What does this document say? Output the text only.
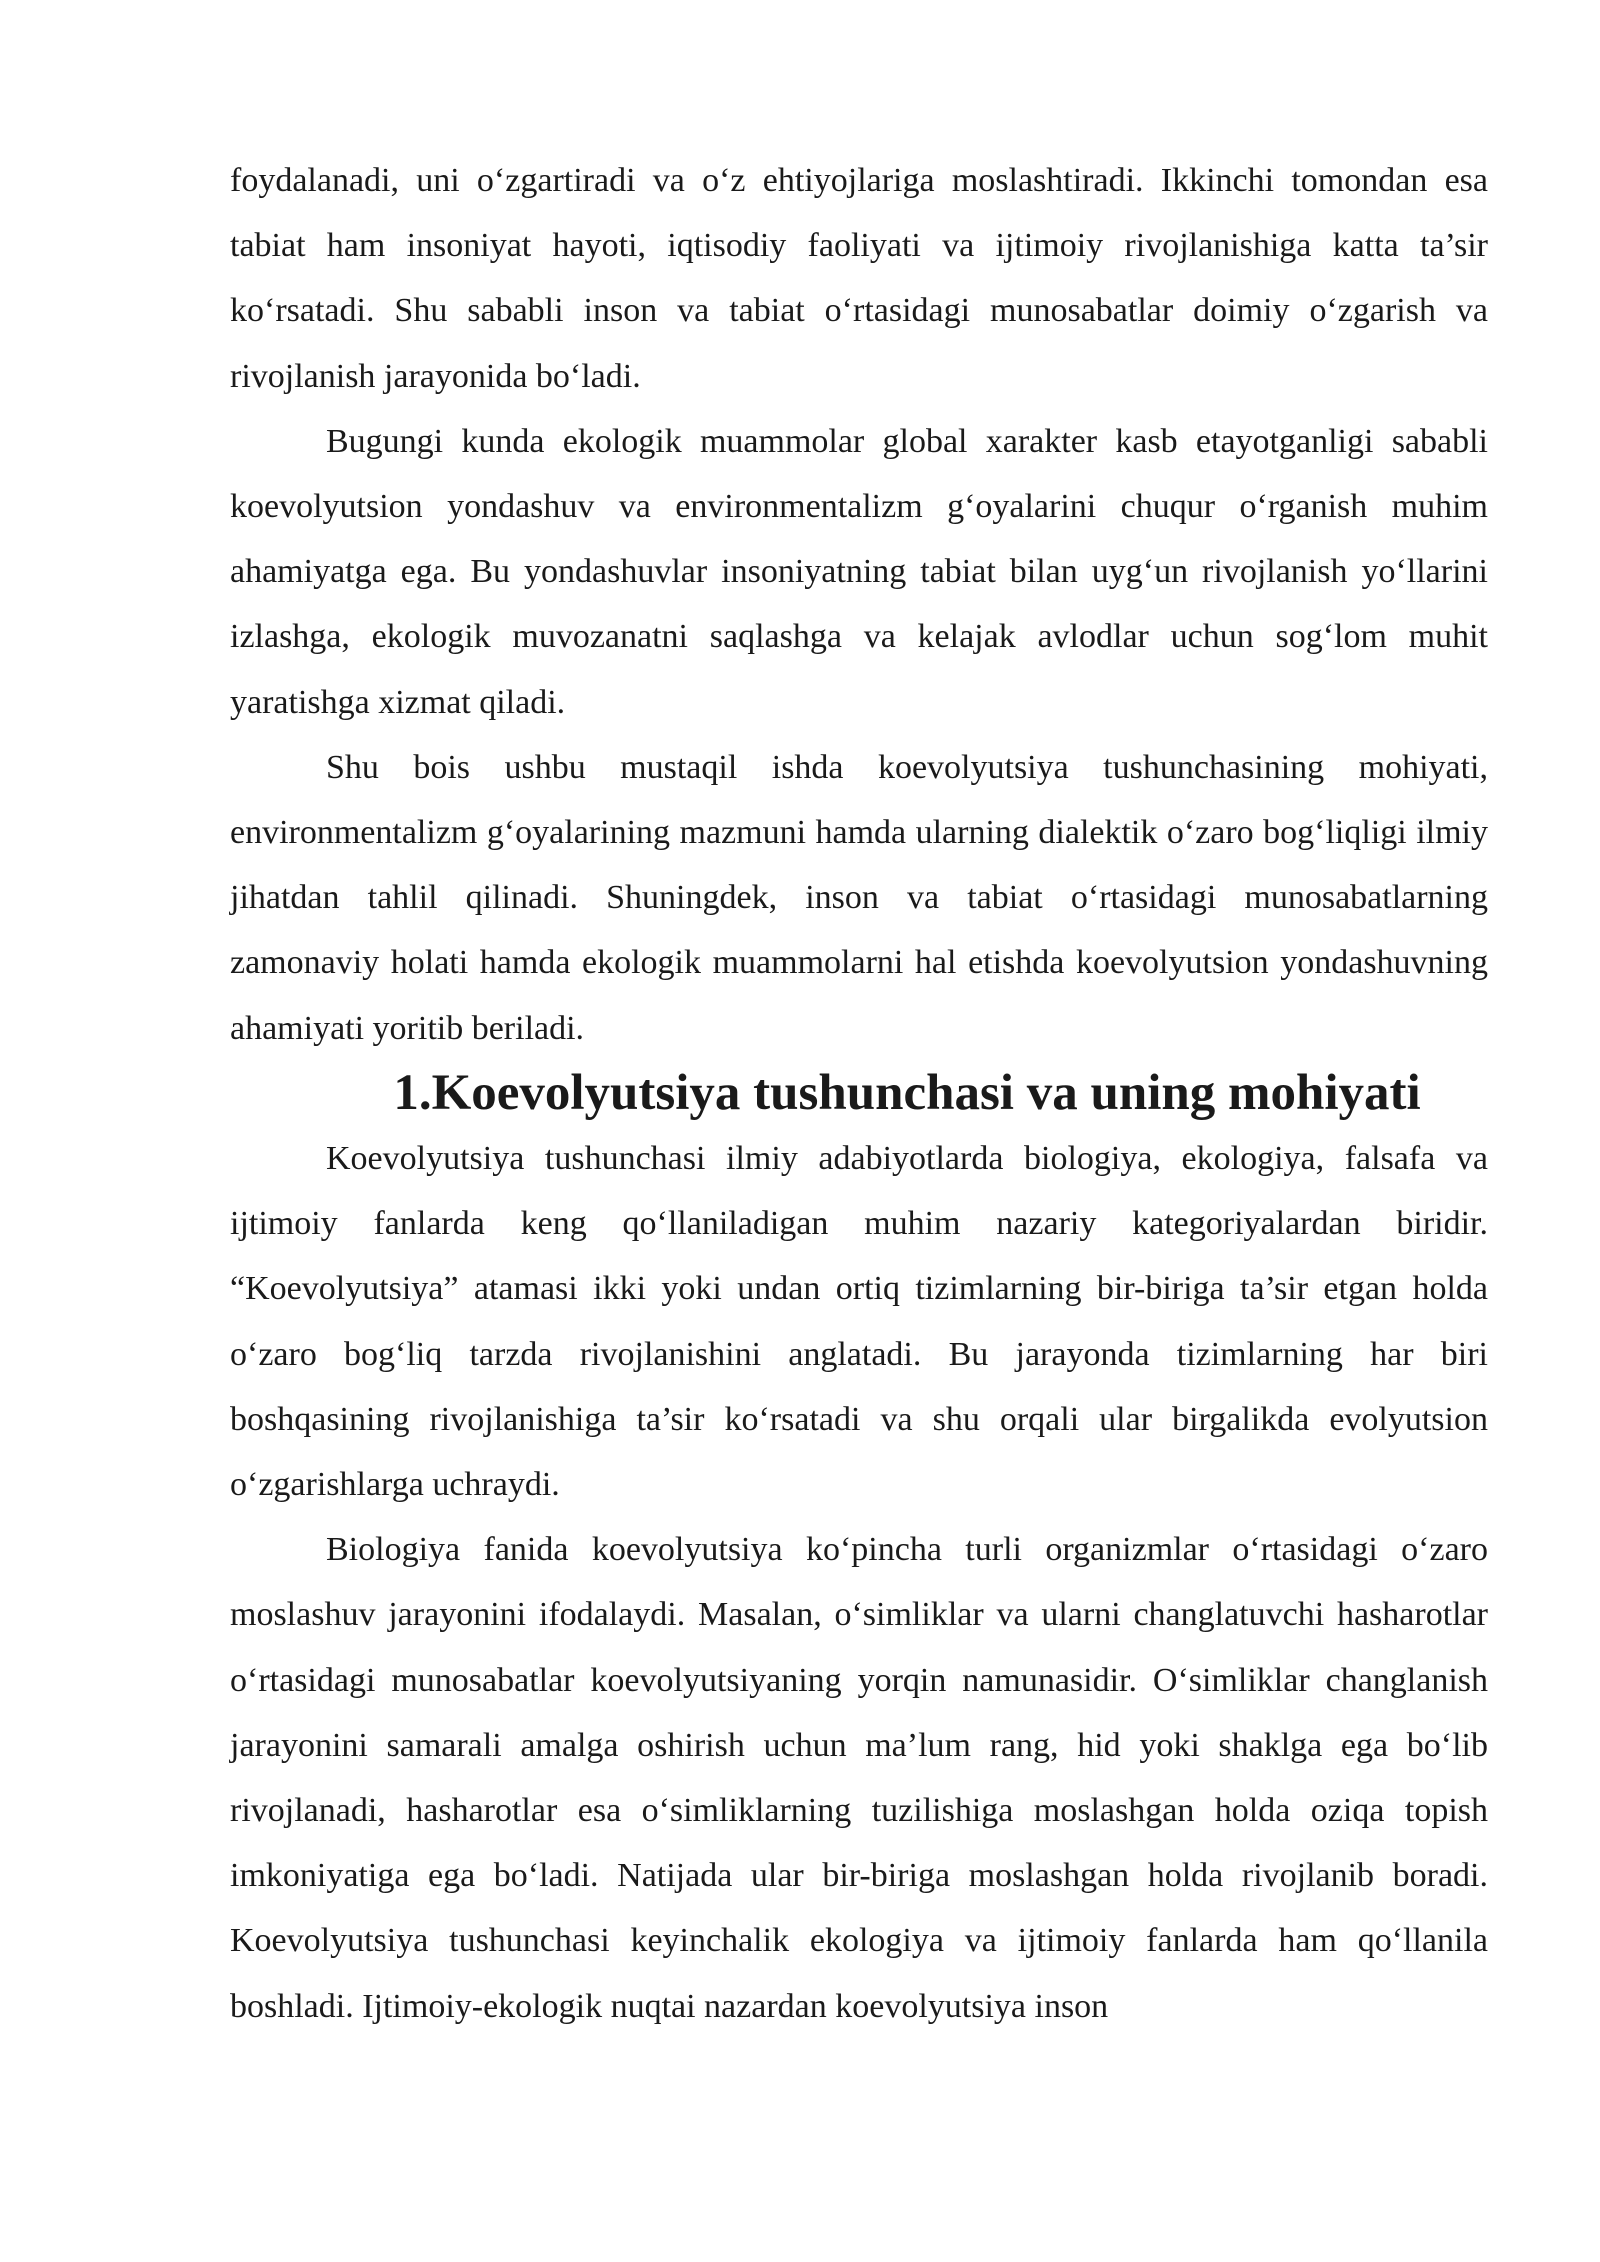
foydalanadi, uni o‘zgartiradi va o‘z ehtiyojlariga moslashtiradi. Ikkinchi tomondan esa tabiat ham insoniyat hayoti, iqtisodiy faoliyati va ijtimoiy rivojlanishiga katta ta’sir ko‘rsatadi. Shu sababli inson va tabiat o‘rtasidagi munosabatlar doimiy o‘zgarish va rivojlanish jarayonida bo‘ladi.

Bugungi kunda ekologik muammolar global xarakter kasb etayotganligi sababli koevolyutsion yondashuv va environmentalizm g‘oyalarini chuqur o‘rganish muhim ahamiyatga ega. Bu yondashuvlar insoniyatning tabiat bilan uyg‘un rivojlanish yo‘llarini izlashga, ekologik muvozanatni saqlashga va kelajak avlodlar uchun sog‘lom muhit yaratishga xizmat qiladi.

Shu bois ushbu mustaqil ishda koevolyutsiya tushunchasining mohiyati, environmentalizm g‘oyalarining mazmuni hamda ularning dialektik o‘zaro bog‘liqligi ilmiy jihatdan tahlil qilinadi. Shuningdek, inson va tabiat o‘rtasidagi munosabatlarning zamonaviy holati hamda ekologik muammolarni hal etishda koevolyutsion yondashuvning ahamiyati yoritib beriladi.

1.Koevolyutsiya tushunchasi va uning mohiyati

Koevolyutsiya tushunchasi ilmiy adabiyotlarda biologiya, ekologiya, falsafa va ijtimoiy fanlarda keng qo‘llaniladigan muhim nazariy kategoriyalardan biridir. “Koevolyutsiya” atamasi ikki yoki undan ortiq tizimlarning bir-biriga ta’sir etgan holda o‘zaro bog‘liq tarzda rivojlanishini anglatadi. Bu jarayonda tizimlarning har biri boshqasining rivojlanishiga ta’sir ko‘rsatadi va shu orqali ular birgalikda evolyutsion o‘zgarishlarga uchraydi.

Biologiya fanida koevolyutsiya ko‘pincha turli organizmlar o‘rtasidagi o‘zaro moslashuv jarayonini ifodalaydi. Masalan, o‘simliklar va ularni changlatuvchi hasharotlar o‘rtasidagi munosabatlar koevolyutsiyaning yorqin namunasidir. O‘simliklar changlanish jarayonini samarali amalga oshirish uchun ma’lum rang, hid yoki shaklga ega bo‘lib rivojlanadi, hasharotlar esa o‘simliklarning tuzilishiga moslashgan holda oziqa topish imkoniyatiga ega bo‘ladi. Natijada ular bir-biriga moslashgan holda rivojlanib boradi. Koevolyutsiya tushunchasi keyinchalik ekologiya va ijtimoiy fanlarda ham qo‘llanila boshladi. Ijtimoiy-ekologik nuqtai nazardan koevolyutsiya inson
